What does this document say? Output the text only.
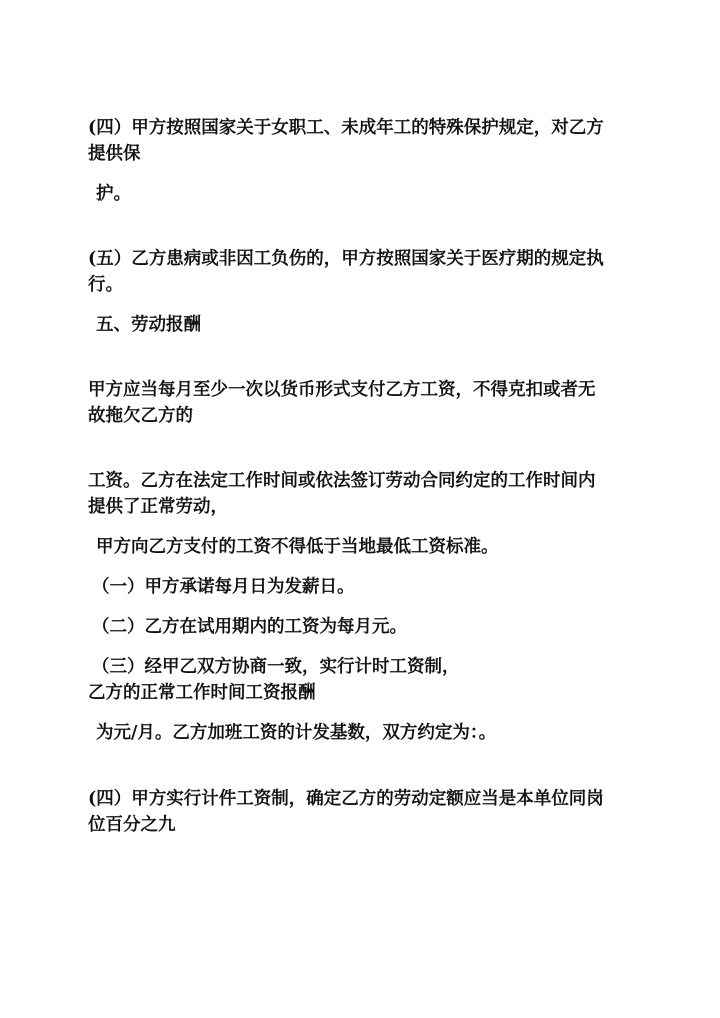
(四）甲方按照国家关于女职工、未成年工的特殊保护规定，对乙方
提供保
护。
(五）乙方患病或非因工负伤的，甲方按照国家关于医疗期的规定执
行。
五、劳动报酬
甲方应当每月至少一次以货币形式支付乙方工资，不得克扣或者无
故拖欠乙方的
工资。乙方在法定工作时间或依法签订劳动合同约定的工作时间内
提供了正常劳动，
甲方向乙方支付的工资不得低于当地最低工资标准。
（一）甲方承诺每月日为发薪日。
（二）乙方在试用期内的工资为每月元。
（三）经甲乙双方协商一致，实行计时工资制，
乙方的正常工作时间工资报酬
为元/月。乙方加班工资的计发基数，双方约定为：。
(四）甲方实行计件工资制，确定乙方的劳动定额应当是本单位同岗
位百分之九
